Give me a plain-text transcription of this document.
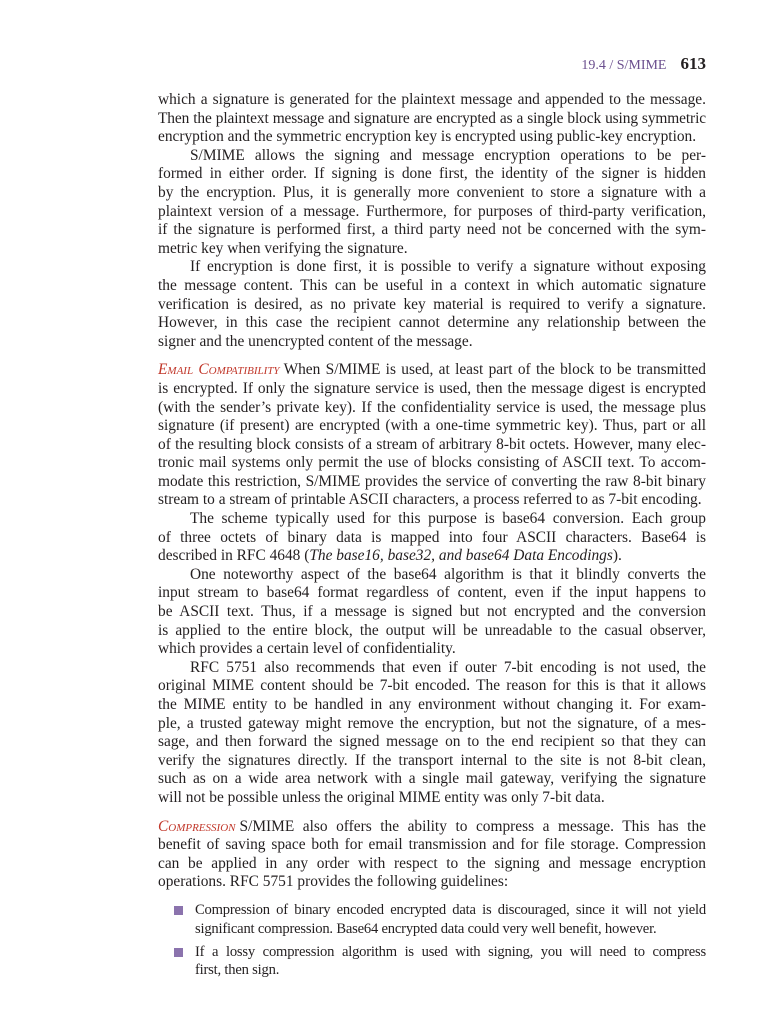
19.4 / S/MIME 613
which a signature is generated for the plaintext message and appended to the message.
Then the plaintext message and signature are encrypted as a single block using symmetric
encryption and the symmetric encryption key is encrypted using public-key encryption.
S/MIME allows the signing and message encryption operations to be per-
formed in either order. If signing is done first, the identity of the signer is hidden
by the encryption. Plus, it is generally more convenient to store a signature with a
plaintext version of a message. Furthermore, for purposes of third-party verification,
if the signature is performed first, a third party need not be concerned with the sym-
metric key when verifying the signature.
If encryption is done first, it is possible to verify a signature without exposing
the message content. This can be useful in a context in which automatic signature
verification is desired, as no private key material is required to verify a signature.
However, in this case the recipient cannot determine any relationship between the
signer and the unencrypted content of the message.
Email Compatibility When S/MIME is used, at least part of the block to be transmitted
is encrypted. If only the signature service is used, then the message digest is encrypted
(with the sender’s private key). If the confidentiality service is used, the message plus
signature (if present) are encrypted (with a one-time symmetric key). Thus, part or all
of the resulting block consists of a stream of arbitrary 8-bit octets. However, many elec-
tronic mail systems only permit the use of blocks consisting of ASCII text. To accom-
modate this restriction, S/MIME provides the service of converting the raw 8-bit binary
stream to a stream of printable ASCII characters, a process referred to as 7-bit encoding.
The scheme typically used for this purpose is base64 conversion. Each group
of three octets of binary data is mapped into four ASCII characters. Base64 is
described in RFC 4648 (The base16, base32, and base64 Data Encodings).
One noteworthy aspect of the base64 algorithm is that it blindly converts the
input stream to base64 format regardless of content, even if the input happens to
be ASCII text. Thus, if a message is signed but not encrypted and the conversion
is applied to the entire block, the output will be unreadable to the casual observer,
which provides a certain level of confidentiality.
RFC 5751 also recommends that even if outer 7-bit encoding is not used, the
original MIME content should be 7-bit encoded. The reason for this is that it allows
the MIME entity to be handled in any environment without changing it. For exam-
ple, a trusted gateway might remove the encryption, but not the signature, of a mes-
sage, and then forward the signed message on to the end recipient so that they can
verify the signatures directly. If the transport internal to the site is not 8-bit clean,
such as on a wide area network with a single mail gateway, verifying the signature
will not be possible unless the original MIME entity was only 7-bit data.
Compression S/MIME also offers the ability to compress a message. This has the
benefit of saving space both for email transmission and for file storage. Compression
can be applied in any order with respect to the signing and message encryption
operations. RFC 5751 provides the following guidelines:
Compression of binary encoded encrypted data is discouraged, since it will not yield
significant compression. Base64 encrypted data could very well benefit, however.
If a lossy compression algorithm is used with signing, you will need to compress
first, then sign.
